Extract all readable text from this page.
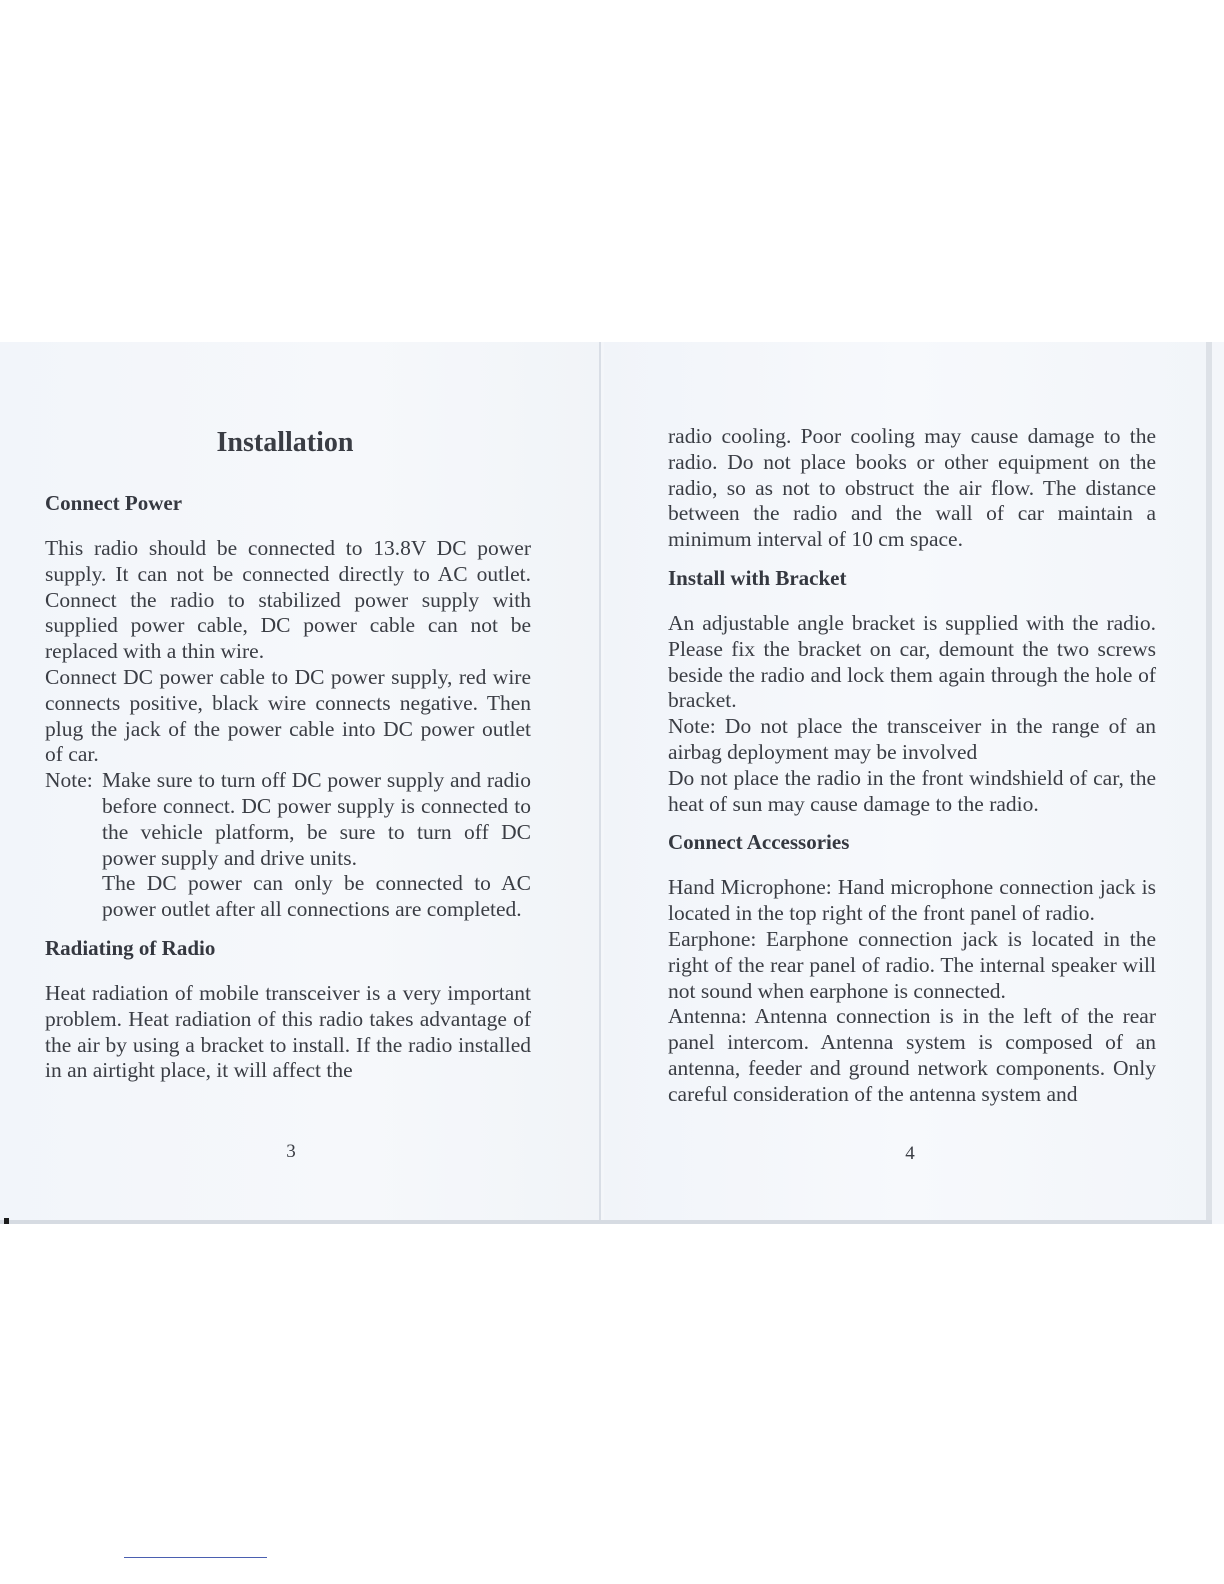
Installation
Connect Power

This radio should be connected to 13.8V DC power supply. It can not be connected directly to AC outlet. Connect the radio to stabilized power supply with supplied power cable, DC power cable can not be replaced with a thin wire.

Connect DC power cable to DC power supply, red wire connects positive, black wire connects negative. Then plug the jack of the power cable into DC power outlet of car.

Note: Make sure to turn off DC power supply and radio before connect. DC power supply is connected to the vehicle platform, be sure to turn off DC power supply and drive units.

The DC power can only be connected to AC power outlet after all connections are completed.

Radiating of Radio

Heat radiation of mobile transceiver is a very important problem. Heat radiation of this radio takes advantage of the air by using a bracket to install. If the radio installed in an airtight place, it will affect the

3

radio cooling. Poor cooling may cause damage to the radio. Do not place books or other equipment on the radio, so as not to obstruct the air flow. The distance between the radio and the wall of car maintain a minimum interval of 10 cm space.

Install with Bracket

An adjustable angle bracket is supplied with the radio. Please fix the bracket on car, demount the two screws beside the radio and lock them again through the hole of bracket.

Note: Do not place the transceiver in the range of an airbag deployment may be involved

Do not place the radio in the front windshield of car, the heat of sun may cause damage to the radio.

Connect Accessories

Hand Microphone: Hand microphone connection jack is located in the top right of the front panel of radio.

Earphone: Earphone connection jack is located in the right of the rear panel of radio. The internal speaker will not sound when earphone is connected.

Antenna: Antenna connection is in the left of the rear panel intercom. Antenna system is composed of an antenna, feeder and ground network components. Only careful consideration of the antenna system and

4
